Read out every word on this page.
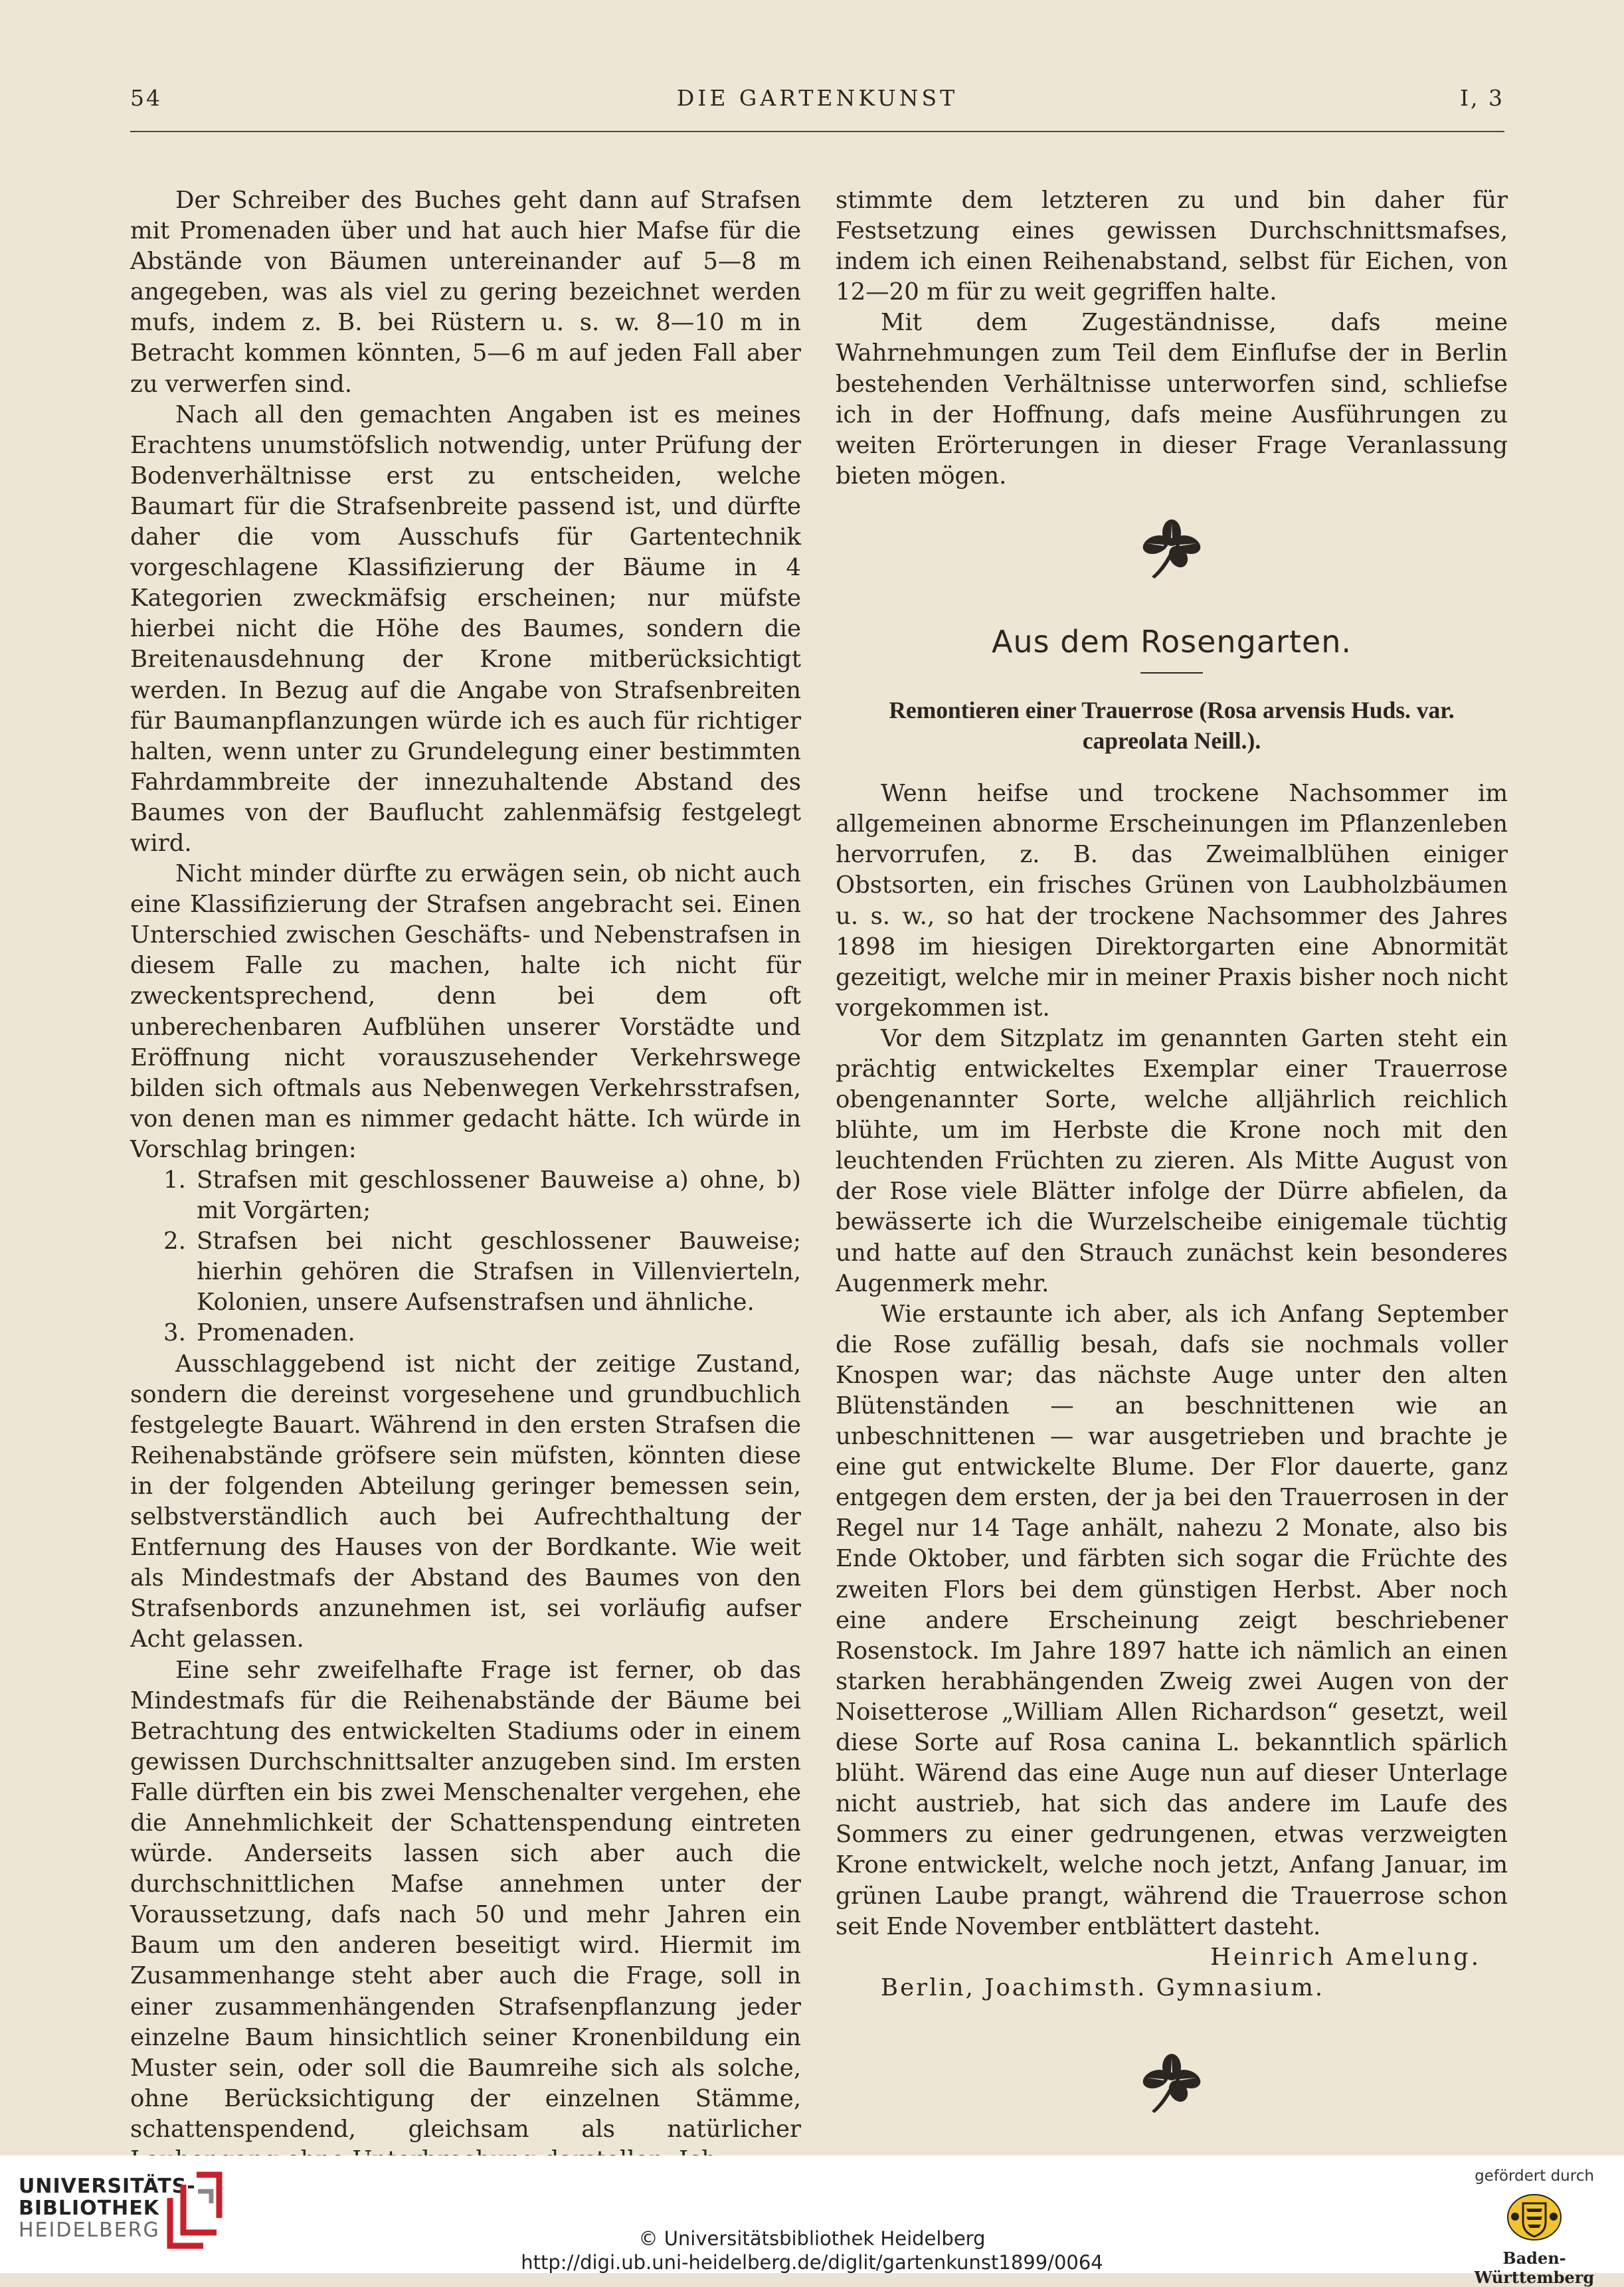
54	DIE GARTENKUNST	I, 3

Der Schreiber des Buches geht dann auf Strafsen mit Promenaden über und hat auch hier Mafse für die Abstände von Bäumen untereinander auf 5—8 m angegeben, was als viel zu gering bezeichnet werden mufs, indem z. B. bei Rüstern u. s. w. 8—10 m in Betracht kommen könnten, 5—6 m auf jeden Fall aber zu verwerfen sind.

Nach all den gemachten Angaben ist es meines Erachtens unumstöfslich notwendig, unter Prüfung der Bodenverhältnisse erst zu entscheiden, welche Baumart für die Strafsenbreite passend ist, und dürfte daher die vom Ausschufs für Gartentechnik vorgeschlagene Klassifizierung der Bäume in 4 Kategorien zweckmäfsig erscheinen; nur müfste hierbei nicht die Höhe des Baumes, sondern die Breitenausdehnung der Krone mitberücksichtigt werden. In Bezug auf die Angabe von Strafsenbreiten für Baumanpflanzungen würde ich es auch für richtiger halten, wenn unter zu Grundelegung einer bestimmten Fahrdammbreite der innezuhaltende Abstand des Baumes von der Bauflucht zahlenmäfsig festgelegt wird.

Nicht minder dürfte zu erwägen sein, ob nicht auch eine Klassifizierung der Strafsen angebracht sei. Einen Unterschied zwischen Geschäfts- und Nebenstrafsen in diesem Falle zu machen, halte ich nicht für zweckentsprechend, denn bei dem oft unberechenbaren Aufblühen unserer Vorstädte und Eröffnung nicht vorauszusehender Verkehrswege bilden sich oftmals aus Nebenwegen Verkehrsstrafsen, von denen man es nimmer gedacht hätte. Ich würde in Vorschlag bringen:

1. Strafsen mit geschlossener Bauweise a) ohne, b) mit Vorgärten;
2. Strafsen bei nicht geschlossener Bauweise; hierhin gehören die Strafsen in Villenvierteln, Kolonien, unsere Aufsenstrafsen und ähnliche.
3. Promenaden.

Ausschlaggebend ist nicht der zeitige Zustand, sondern die dereinst vorgesehene und grundbuchlich festgelegte Bauart. Während in den ersten Strafsen die Reihenabstände gröfsere sein müfsten, könnten diese in der folgenden Abteilung geringer bemessen sein, selbstverständlich auch bei Aufrechthaltung der Entfernung des Hauses von der Bordkante. Wie weit als Mindestmafs der Abstand des Baumes von den Strafsenbords anzunehmen ist, sei vorläufig aufser Acht gelassen.

Eine sehr zweifelhafte Frage ist ferner, ob das Mindestmafs für die Reihenabstände der Bäume bei Betrachtung des entwickelten Stadiums oder in einem gewissen Durchschnittsalter anzugeben sind. Im ersten Falle dürften ein bis zwei Menschenalter vergehen, ehe die Annehmlichkeit der Schattenspendung eintreten würde. Anderseits lassen sich aber auch die durchschnittlichen Mafse annehmen unter der Voraussetzung, dafs nach 50 und mehr Jahren ein Baum um den anderen beseitigt wird. Hiermit im Zusammenhange steht aber auch die Frage, soll in einer zusammenhängenden Strafsenpflanzung jeder einzelne Baum hinsichtlich seiner Kronenbildung ein Muster sein, oder soll die Baumreihe sich als solche, ohne Berücksichtigung der einzelnen Stämme, schattenspendend, gleichsam als natürlicher

stimmte dem letzteren zu und bin daher für Festsetzung eines gewissen Durchschnittsmafses, indem ich einen Reihenabstand, selbst für Eichen, von 12—20 m für zu weit gegriffen halte.

Mit dem Zugeständnisse, dafs meine Wahrnehmungen zum Teil dem Einflufse der in Berlin bestehenden Verhältnisse unterworfen sind, schliefse ich in der Hoffnung, dafs meine Ausführungen zu weiten Erörterungen in dieser Frage Veranlassung bieten mögen.

Aus dem Rosengarten.
Remontieren einer Trauerrose (Rosa arvensis Huds. var. capreolata Neill.).

Wenn heifse und trockene Nachsommer im allgemeinen abnorme Erscheinungen im Pflanzenleben hervorrufen, z. B. das Zweimalblühen einiger Obstsorten, ein frisches Grünen von Laubholzbäumen u. s. w., so hat der trockene Nachsommer des Jahres 1898 im hiesigen Direktorgarten eine Abnormität gezeitigt, welche mir in meiner Praxis bisher noch nicht vorgekommen ist.

Vor dem Sitzplatz im genannten Garten steht ein prächtig entwickeltes Exemplar einer Trauerrose obengenannter Sorte, welche alljährlich reichlich blühte, um im Herbste die Krone noch mit den leuchtenden Früchten zu zieren. Als Mitte August von der Rose viele Blätter infolge der Dürre abfielen, da bewässerte ich die Wurzelscheibe einigemale tüchtig und hatte auf den Strauch zunächst kein besonderes Augenmerk mehr.

Wie erstaunte ich aber, als ich Anfang September die Rose zufällig besah, dafs sie nochmals voller Knospen war; das nächste Auge unter den alten Blütenständen — an beschnittenen wie an unbeschnittenen — war ausgetrieben und brachte je eine gut entwickelte Blume. Der Flor dauerte, ganz entgegen dem ersten, der ja bei den Trauerrosen in der Regel nur 14 Tage anhält, nahezu 2 Monate, also bis Ende Oktober, und färbten sich sogar die Früchte des zweiten Flors bei dem günstigen Herbst. Aber noch eine andere Erscheinung zeigt beschriebener Rosenstock. Im Jahre 1897 hatte ich nämlich an einen starken herabhängenden Zweig zwei Augen von der Noisetterose „William Allen Richardson“ gesetzt, weil diese Sorte auf Rosa canina L. bekanntlich spärlich blüht. Wärend das eine Auge nun auf dieser Unterlage nicht austrieb, hat sich das andere im Laufe des Sommers zu einer gedrungenen, etwas verzweigten Krone entwickelt, welche noch jetzt, Anfang Januar, im grünen Laube prangt, während die Trauerrose schon seit Ende November entblättert dasteht.

Heinrich Amelung.

Berlin, Joachimsth. Gymnasium.

UNIVERSITÄTS-
BIBLIOTHEK
HEIDELBERG	© Universitätsbibliothek Heidelberg
http://digi.ub.uni-heidelberg.de/diglit/gartenkunst1899/0064
gefördert durch
Baden-Württemberg
